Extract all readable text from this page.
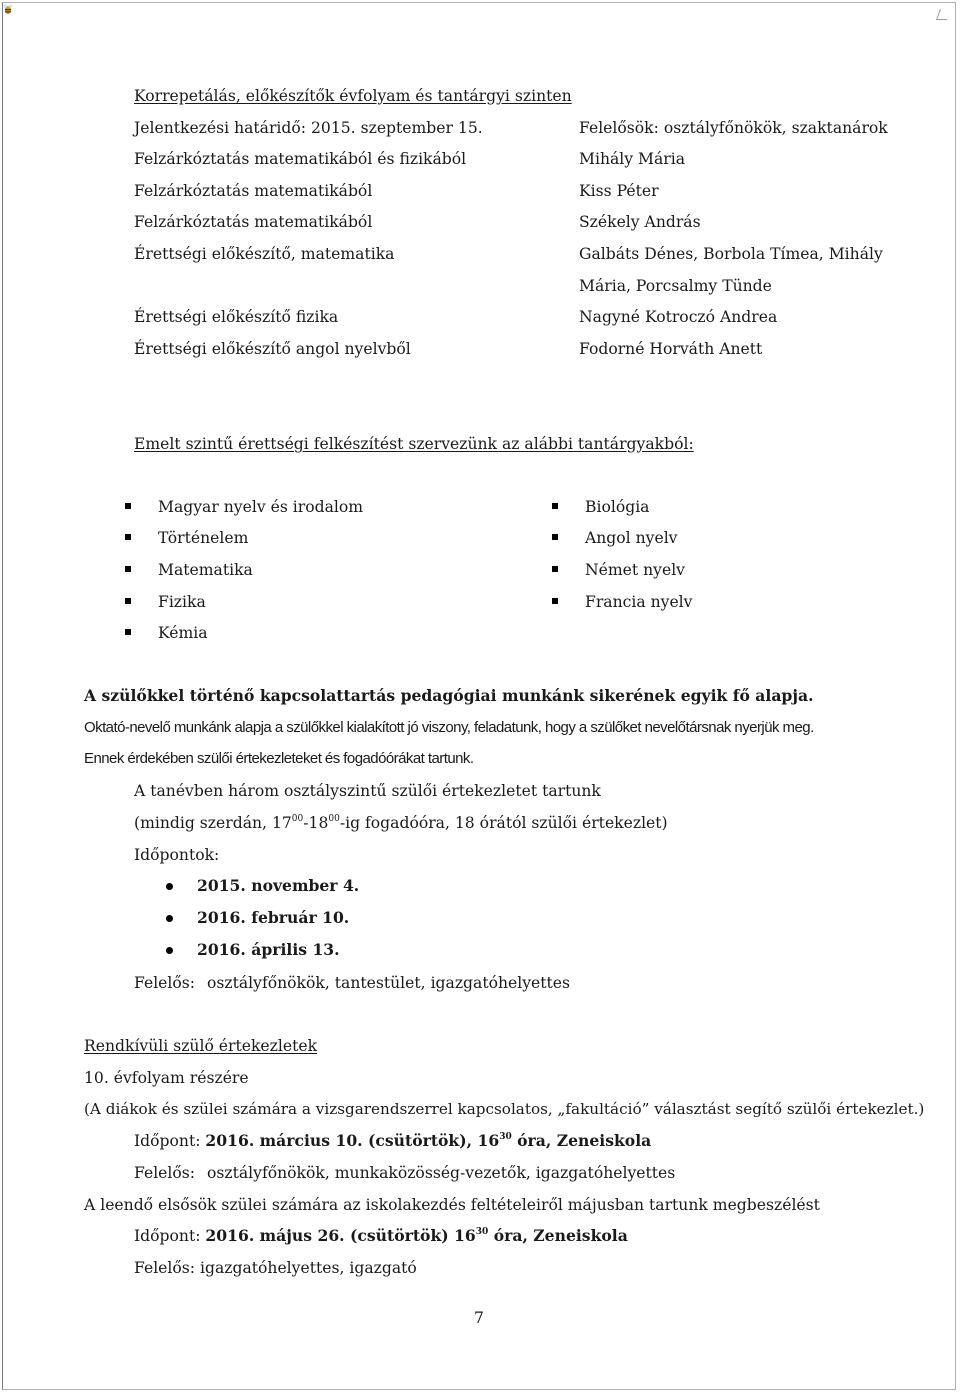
Korrepetálás, előkészítők évfolyam és tantárgyi szinten
Jelentkezési határidő: 2015. szeptember 15.	Felelősök: osztályfőnökök, szaktanárok
Felzárkóztatás matematikából és fizikából	Mihály Mária
Felzárkóztatás matematikából	Kiss Péter
Felzárkóztatás matematikából	Székely András
Érettségi előkészítő, matematika	Galbáts Dénes, Borbola Tímea, Mihály
Mária, Porcsalmy Tünde
Érettségi előkészítő fizika	Nagyné Kotroczó Andrea
Érettségi előkészítő angol nyelvből	Fodorné Horváth Anett
Emelt szintű érettségi felkészítést szervezünk az alábbi tantárgyakból:
Magyar nyelv és irodalom
Történelem
Matematika
Fizika
Kémia
Biológia
Angol nyelv
Német nyelv
Francia nyelv
A szülőkkel történő kapcsolattartás pedagógiai munkánk sikerének egyik fő alapja.
Oktató-nevelő munkánk alapja a szülőkkel kialakított jó viszony, feladatunk, hogy a szülőket nevelőtársnak nyerjük meg.
Ennek érdekében szülői értekezleteket és fogadóórákat tartunk.
A tanévben három osztályszintű szülői értekezletet tartunk
(mindig szerdán, $17^{00}-18^{00}-ig$ fogadóóra, 18 órától szülői értekezlet)
Időpontok:
2015. november 4.
2016. február 10.
2016. április 13.
Felelős: osztályfőnökök, tantestület, igazgatóhelyettes
Rendkívüli szülő értekezletek
10. évfolyam részére
(A diákok és szülei számára a vizsgarendszerrel kapcsolatos, „fakultáció” választást segítő szülői értekezlet.)
Időpont: 2016. március 10. (csütörtök), $16^{30}$ óra, Zeneiskola
Felelős: osztályfőnökök, munkaközösség-vezetők, igazgatóhelyettes
A leendő elsősök szülei számára az iskolakezdés feltételeiről májusban tartunk megbeszélést
Időpont: 2016. május 26. (csütörtök) $16^{30}$ óra, Zeneiskola
Felelős: igazgatóhelyettes, igazgató
7
